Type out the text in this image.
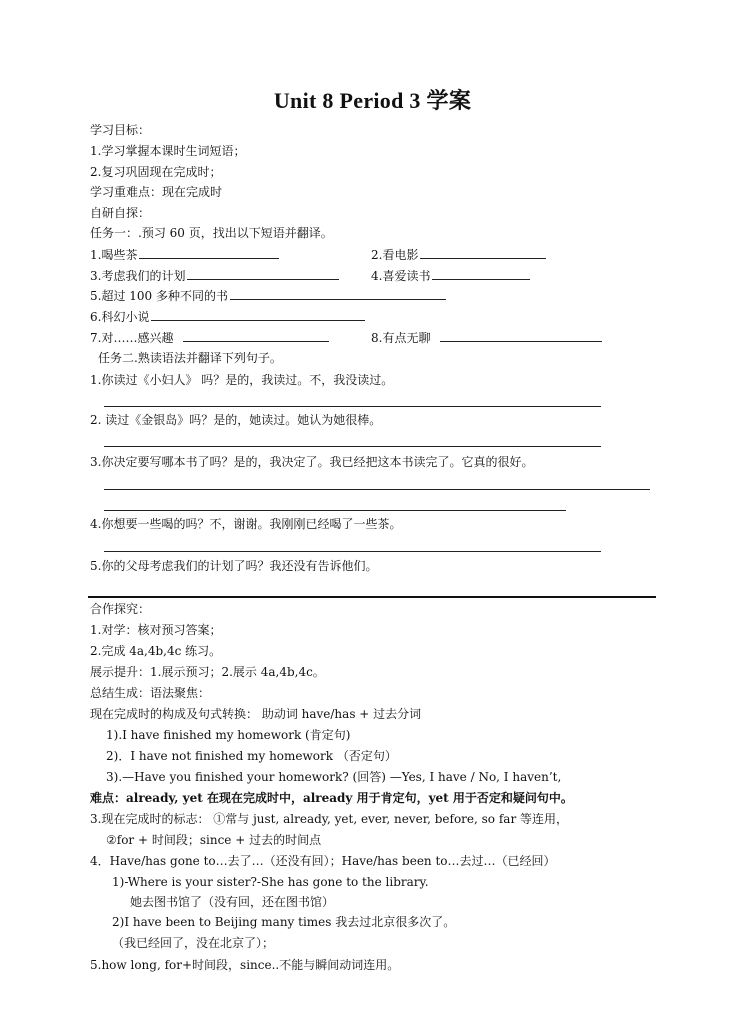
Unit 8 Period 3 学案
学习目标：
1.学习掌握本课时生词短语；
2.复习巩固现在完成时；
学习重难点：现在完成时
自研自探：
任务一：.预习 60 页，找出以下短语并翻译。
1.喝些茶	2.看电影
3.考虑我们的计划	4.喜爱读书
5.超过 100 多种不同的书
6.科幻小说
7.对……感兴趣	8.有点无聊
任务二.熟读语法并翻译下列句子。
1.你读过《小妇人》 吗？是的，我读过。不，我没读过。
2. 读过《金银岛》吗？是的，她读过。她认为她很棒。
3.你决定要写哪本书了吗？是的，我决定了。我已经把这本书读完了。它真的很好。
4.你想要一些喝的吗？不，谢谢。我刚刚已经喝了一些茶。
5.你的父母考虑我们的计划了吗？我还没有告诉他们。
合作探究：
1.对学：核对预习答案；
2.完成 4a,4b,4c 练习。
展示提升：1.展示预习；2.展示 4a,4b,4c。
总结生成：语法聚焦：
现在完成时的构成及句式转换： 助动词 have/has + 过去分词
1).I have finished my homework (肯定句)
2)．I have not finished my homework （否定句）
3).—Have you finished your homework? (回答) —Yes, I have / No, I haven’t,
难点：already, yet 在现在完成时中，already 用于肯定句，yet 用于否定和疑问句中。
3.现在完成时的标志： ①常与 just, already, yet, ever, never, before, so far 等连用，
②for + 时间段；since + 过去的时间点
4．Have/has gone to…去了…（还没有回）；Have/has been to…去过…（已经回）
1)-Where is your sister?-She has gone to the library.
她去图书馆了（没有回，还在图书馆）
2)I have been to Beijing many times 我去过北京很多次了。
（我已经回了，没在北京了）；
5.how long, for+时间段，since..不能与瞬间动词连用。
